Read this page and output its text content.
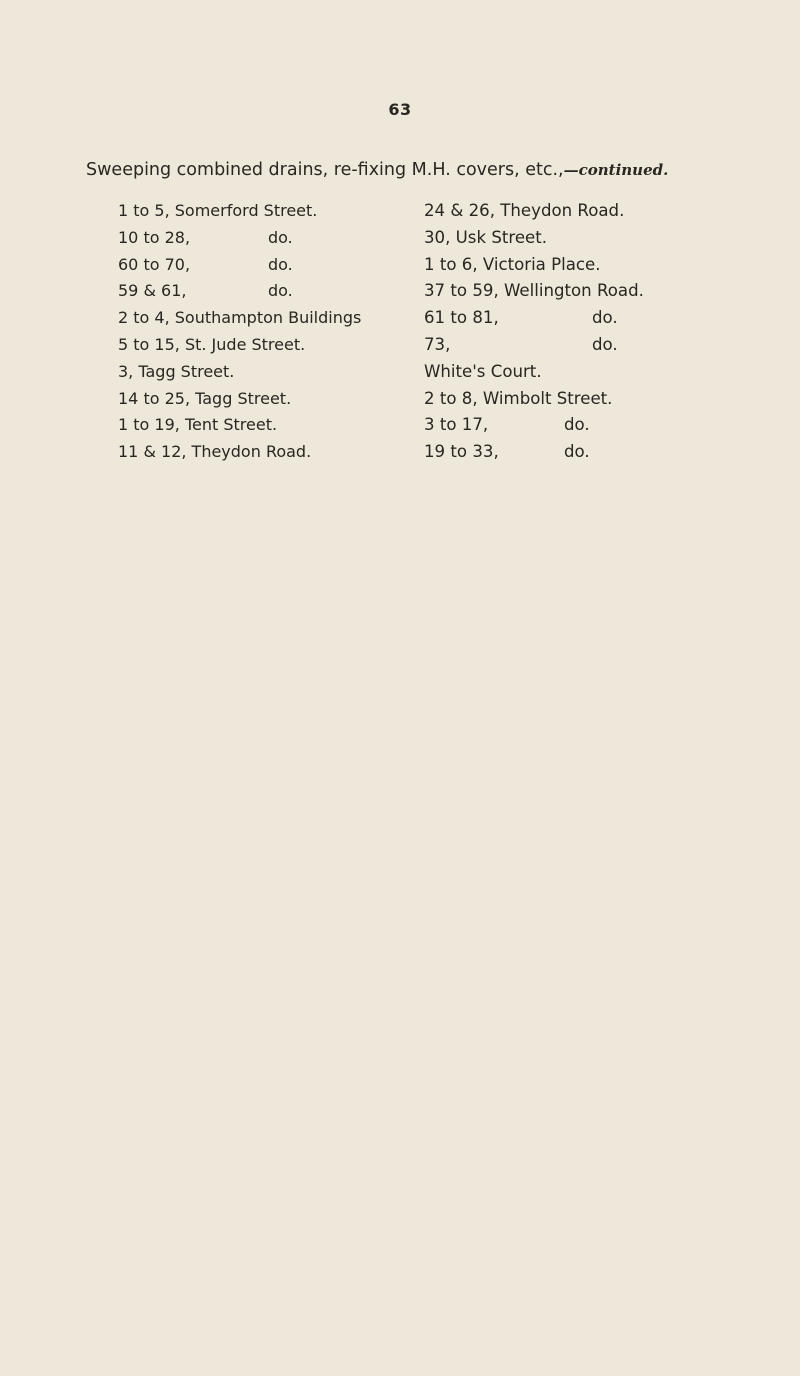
63
Sweeping combined drains, re-fixing M.H. covers, etc.,—continued.
1 to 5, Somerford Street.
10 to 28,	do.
60 to 70,	do.
59 & 61,	do.
2 to 4, Southampton Buildings
5 to 15, St. Jude Street.
3, Tagg Street.
14 to 25, Tagg Street.
1 to 19, Tent Street.
11 & 12, Theydon Road.
24 & 26, Theydon Road.
30, Usk Street.
1 to 6, Victoria Place.
37 to 59, Wellington Road.
61 to 81,	do.
73,	do.
White's Court.
2 to 8, Wimbolt Street.
3 to 17,	do.
19 to 33,	do.
